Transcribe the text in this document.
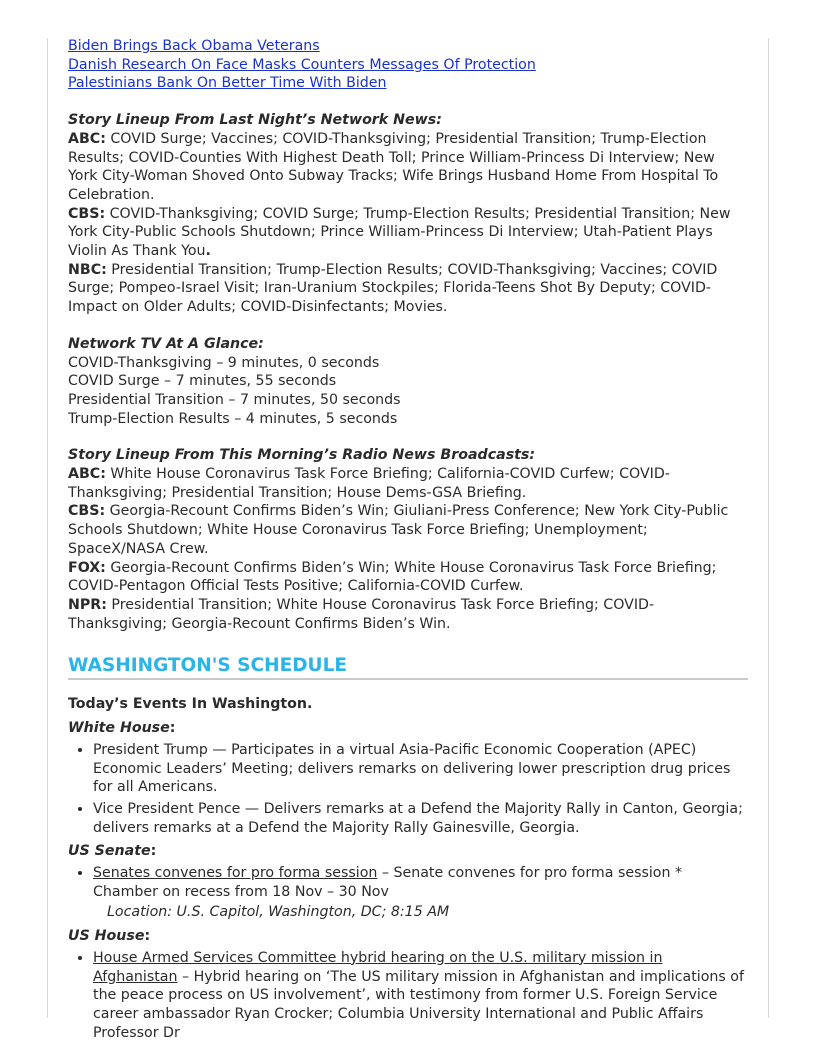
Biden Brings Back Obama Veterans
Danish Research On Face Masks Counters Messages Of Protection
Palestinians Bank On Better Time With Biden
Story Lineup From Last Night’s Network News:
ABC: COVID Surge; Vaccines; COVID-Thanksgiving; Presidential Transition; Trump-Election Results; COVID-Counties With Highest Death Toll; Prince William-Princess Di Interview; New York City-Woman Shoved Onto Subway Tracks; Wife Brings Husband Home From Hospital To Celebration.
CBS: COVID-Thanksgiving; COVID Surge; Trump-Election Results; Presidential Transition; New York City-Public Schools Shutdown; Prince William-Princess Di Interview; Utah-Patient Plays Violin As Thank You.
NBC: Presidential Transition; Trump-Election Results; COVID-Thanksgiving; Vaccines; COVID Surge; Pompeo-Israel Visit; Iran-Uranium Stockpiles; Florida-Teens Shot By Deputy; COVID-Impact on Older Adults; COVID-Disinfectants; Movies.
Network TV At A Glance:
COVID-Thanksgiving – 9 minutes, 0 seconds
COVID Surge – 7 minutes, 55 seconds
Presidential Transition – 7 minutes, 50 seconds
Trump-Election Results – 4 minutes, 5 seconds
Story Lineup From This Morning’s Radio News Broadcasts:
ABC: White House Coronavirus Task Force Briefing; California-COVID Curfew; COVID-Thanksgiving; Presidential Transition; House Dems-GSA Briefing.
CBS: Georgia-Recount Confirms Biden’s Win; Giuliani-Press Conference; New York City-Public Schools Shutdown; White House Coronavirus Task Force Briefing; Unemployment; SpaceX/NASA Crew.
FOX: Georgia-Recount Confirms Biden’s Win; White House Coronavirus Task Force Briefing; COVID-Pentagon Official Tests Positive; California-COVID Curfew.
NPR: Presidential Transition; White House Coronavirus Task Force Briefing; COVID-Thanksgiving; Georgia-Recount Confirms Biden’s Win.
WASHINGTON'S SCHEDULE
Today’s Events In Washington.
White House:
• President Trump — Participates in a virtual Asia-Pacific Economic Cooperation (APEC) Economic Leaders’ Meeting; delivers remarks on delivering lower prescription drug prices for all Americans.
• Vice President Pence — Delivers remarks at a Defend the Majority Rally in Canton, Georgia; delivers remarks at a Defend the Majority Rally Gainesville, Georgia.
US Senate:
• Senates convenes for pro forma session – Senate convenes for pro forma session * Chamber on recess from 18 Nov – 30 Nov
Location: U.S. Capitol, Washington, DC; 8:15 AM
US House:
• House Armed Services Committee hybrid hearing on the U.S. military mission in Afghanistan – Hybrid hearing on ‘The US military mission in Afghanistan and implications of the peace process on US involvement’, with testimony from former U.S. Foreign Service career ambassador Ryan Crocker; Columbia University International and Public Affairs Professor Dr
